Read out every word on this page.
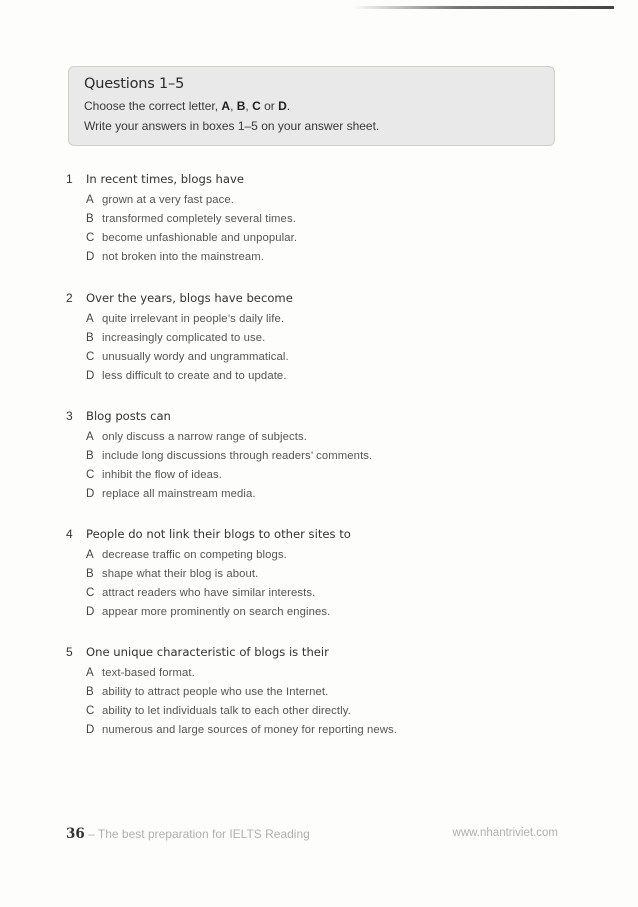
Questions 1–5
Choose the correct letter, A, B, C or D.
Write your answers in boxes 1–5 on your answer sheet.
1	In recent times, blogs have
A grown at a very fast pace.
B transformed completely several times.
C become unfashionable and unpopular.
D not broken into the mainstream.
2	Over the years, blogs have become
A quite irrelevant in people’s daily life.
B increasingly complicated to use.
C unusually wordy and ungrammatical.
D less difficult to create and to update.
3	Blog posts can
A only discuss a narrow range of subjects.
B include long discussions through readers’ comments.
C inhibit the flow of ideas.
D replace all mainstream media.
4	People do not link their blogs to other sites to
A decrease traffic on competing blogs.
B shape what their blog is about.
C attract readers who have similar interests.
D appear more prominently on search engines.
5	One unique characteristic of blogs is their
A text-based format.
B ability to attract people who use the Internet.
C ability to let individuals talk to each other directly.
D numerous and large sources of money for reporting news.
36 – The best preparation for IELTS Reading	www.nhantriviet.com
